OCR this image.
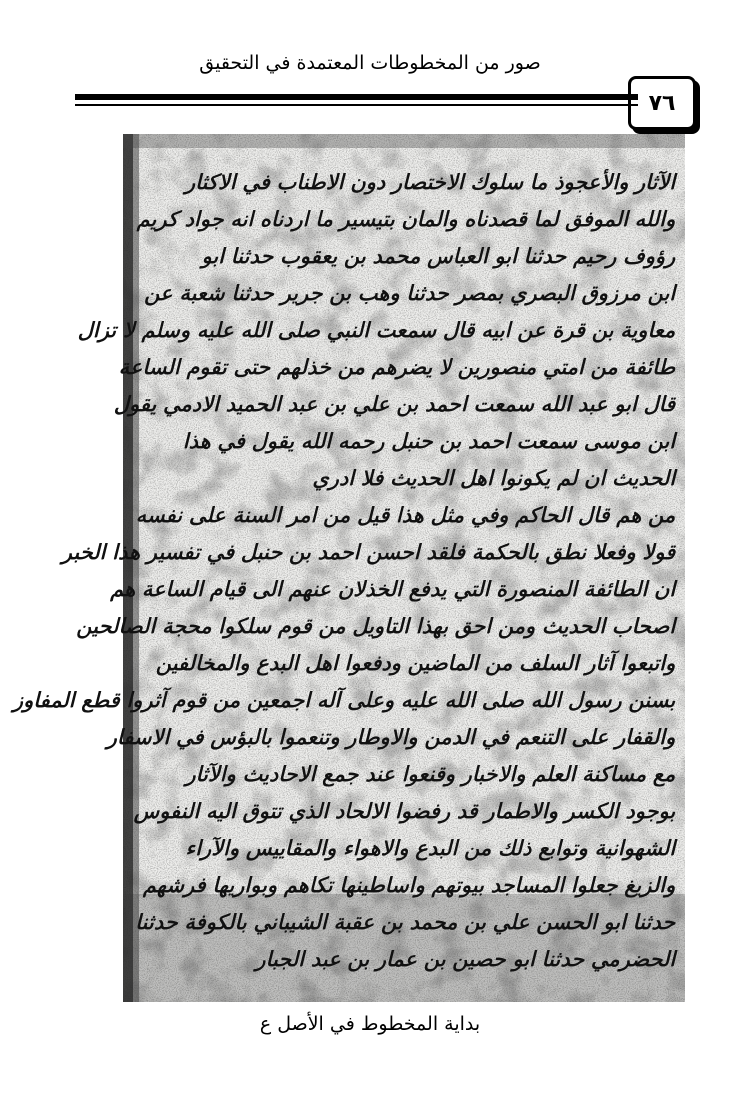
صور من المخطوطات المعتمدة في التحقيق
٧٦
الآثار والأعجوذ ما سلوك الاختصار دون الاطناب في الاكثار
والله الموفق لما قصدناه والمان بتيسير ما اردناه انه جواد كريم
رؤوف رحيم حدثنا ابو العباس محمد بن يعقوب حدثنا ابو
ابن مرزوق البصري بمصر حدثنا وهب بن جرير حدثنا شعبة عن
معاوية بن قرة عن ابيه قال سمعت النبي صلى الله عليه وسلم لا تزال
طائفة من امتي منصورين لا يضرهم من خذلهم حتى تقوم الساعة
قال ابو عبد الله سمعت احمد بن علي بن عبد الحميد الادمي يقول
ابن موسى سمعت احمد بن حنبل رحمه الله يقول في هذا
الحديث ان لم يكونوا اهل الحديث فلا ادري
من هم قال الحاكم وفي مثل هذا قيل من امر السنة على نفسه
قولا وفعلا نطق بالحكمة فلقد احسن احمد بن حنبل في تفسير هذا الخبر
ان الطائفة المنصورة التي يدفع الخذلان عنهم الى قيام الساعة هم
اصحاب الحديث ومن احق بهذا التاويل من قوم سلكوا محجة الصالحين
واتبعوا آثار السلف من الماضين ودفعوا اهل البدع والمخالفين
بسنن رسول الله صلى الله عليه وعلى آله اجمعين من قوم آثروا قطع المفاوز
والقفار على التنعم في الدمن والاوطار وتنعموا بالبؤس في الاسفار
مع مساكنة العلم والاخبار وقنعوا عند جمع الاحاديث والآثار
بوجود الكسر والاطمار قد رفضوا الالحاد الذي تتوق اليه النفوس
الشهوانية وتوابع ذلك من البدع والاهواء والمقاييس والآراء
والزيغ جعلوا المساجد بيوتهم واساطينها تكاهم وبواريها فرشهم
حدثنا ابو الحسن علي بن محمد بن عقبة الشيباني بالكوفة حدثنا
الحضرمي حدثنا ابو حصين بن عمار بن عبد الجبار
بداية المخطوط في الأصل ع
